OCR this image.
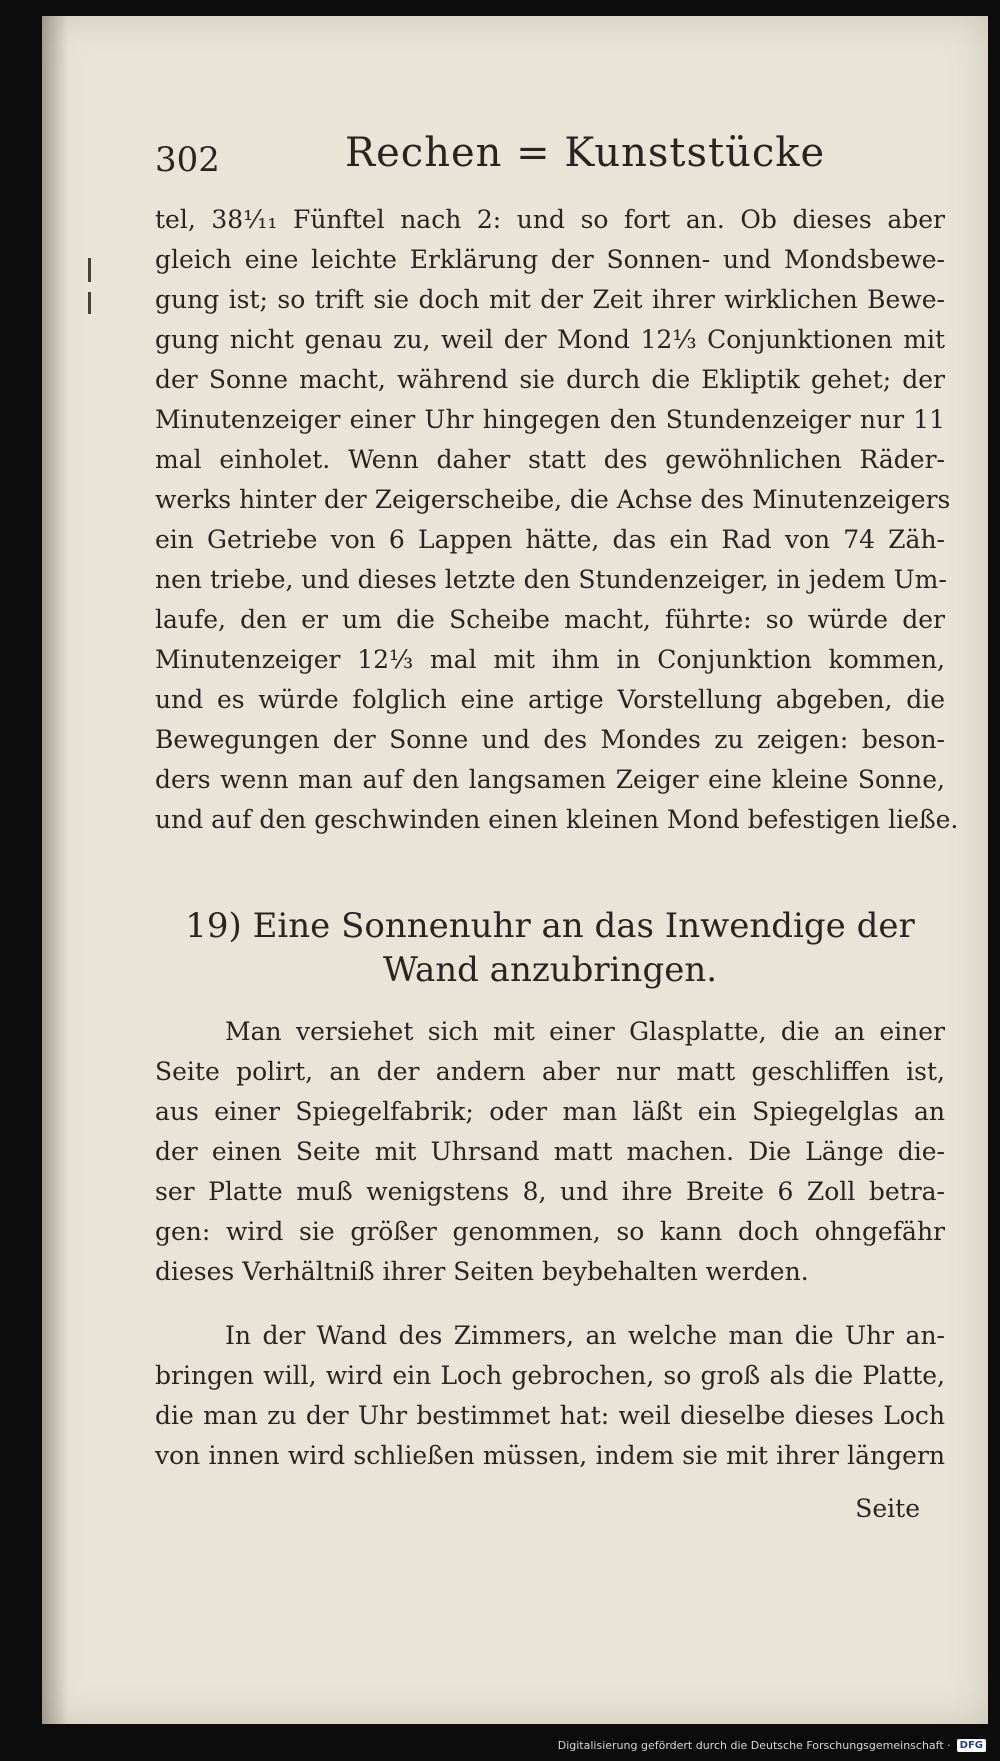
302	Rechen = Kunststücke
tel, 38¹⁄₁₁ Fünftel nach 2: und so fort an. Ob dieses aber
gleich eine leichte Erklärung der Sonnen- und Mondsbewe-
gung ist; so trift sie doch mit der Zeit ihrer wirklichen Bewe-
gung nicht genau zu, weil der Mond 12⅓ Conjunktionen mit
der Sonne macht, während sie durch die Ekliptik gehet; der
Minutenzeiger einer Uhr hingegen den Stundenzeiger nur 11
mal einholet. Wenn daher statt des gewöhnlichen Räder-
werks hinter der Zeigerscheibe, die Achse des Minutenzeigers
ein Getriebe von 6 Lappen hätte, das ein Rad von 74 Zäh-
nen triebe, und dieses letzte den Stundenzeiger, in jedem Um-
laufe, den er um die Scheibe macht, führte: so würde der
Minutenzeiger 12⅓ mal mit ihm in Conjunktion kommen,
und es würde folglich eine artige Vorstellung abgeben, die
Bewegungen der Sonne und des Mondes zu zeigen: beson-
ders wenn man auf den langsamen Zeiger eine kleine Sonne,
und auf den geschwinden einen kleinen Mond befestigen ließe.
19) Eine Sonnenuhr an das Inwendige der
Wand anzubringen.
Man versiehet sich mit einer Glasplatte, die an einer
Seite polirt, an der andern aber nur matt geschliffen ist,
aus einer Spiegelfabrik; oder man läßt ein Spiegelglas an
der einen Seite mit Uhrsand matt machen. Die Länge die-
ser Platte muß wenigstens 8, und ihre Breite 6 Zoll betra-
gen: wird sie größer genommen, so kann doch ohngefähr
dieses Verhältniß ihrer Seiten beybehalten werden.
In der Wand des Zimmers, an welche man die Uhr an-
bringen will, wird ein Loch gebrochen, so groß als die Platte,
die man zu der Uhr bestimmet hat: weil dieselbe dieses Loch
von innen wird schließen müssen, indem sie mit ihrer längern
Seite
Digitalisierung gefördert durch die Deutsche Forschungsgemeinschaft · DFG
